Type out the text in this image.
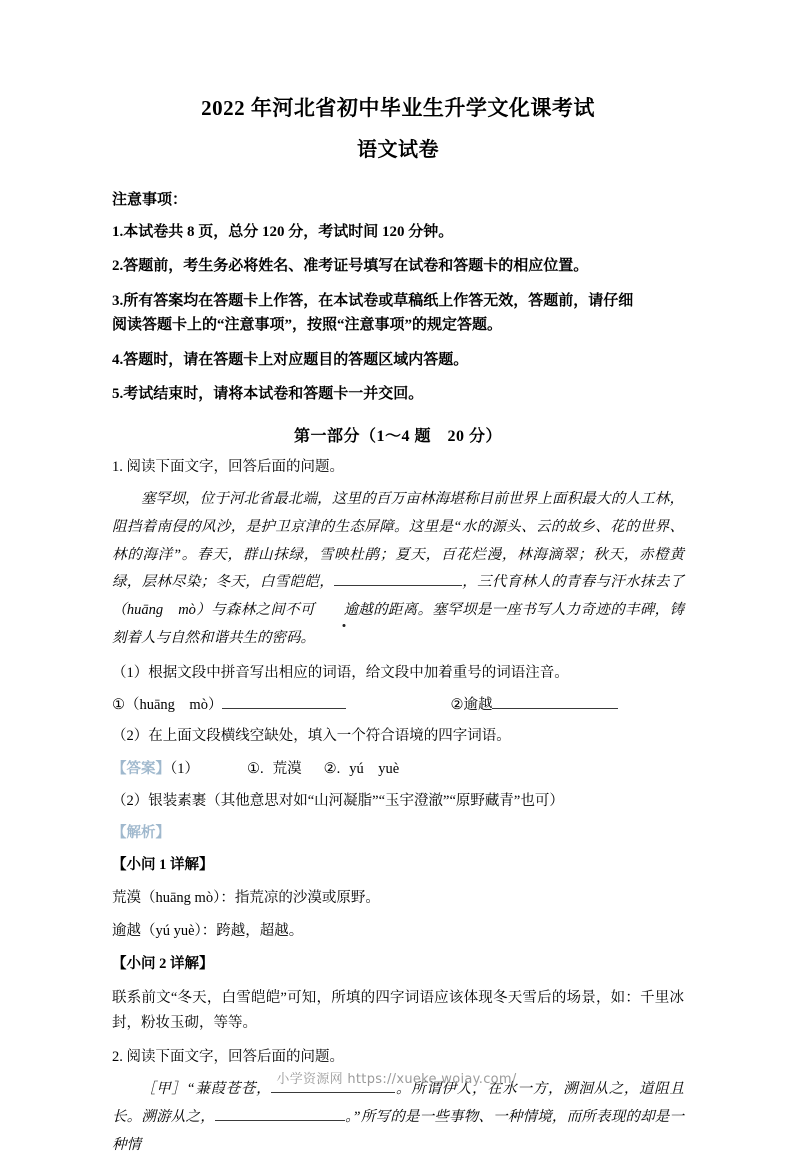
2022 年河北省初中毕业生升学文化课考试
语文试卷
注意事项：
1.本试卷共 8 页，总分 120 分，考试时间 120 分钟。
2.答题前，考生务必将姓名、准考证号填写在试卷和答题卡的相应位置。
3.所有答案均在答题卡上作答，在本试卷或草稿纸上作答无效，答题前，请仔细
阅读答题卡上的“注意事项”，按照“注意事项”的规定答题。
4.答题时，请在答题卡上对应题目的答题区域内答题。
5.考试结束时，请将本试卷和答题卡一并交回。
第一部分（1～4 题　20 分）
1. 阅读下面文字，回答后面的问题。
塞罕坝，位于河北省最北端，这里的百万亩林海堪称目前世界上面积最大的人工林，阻挡着南侵的风沙，是护卫京津的生态屏障。这里是“水的源头、云的故乡、花的世界、林的海洋”。春天，群山抹绿，雪映杜鹃；夏天，百花烂漫，林海滴翠；秋天，赤橙黄绿，层林尽染；冬天，白雪皑皑，	，三代育林人的青春与汗水抹去了（huāng　mò）与森林之间不可 逾越的距离。塞罕坝是一座书写人力奇迹的丰碑，铸刻着人与自然和谐共生的密码。
（1）根据文段中拼音写出相应的词语，给文段中加着重号的词语注音。
①（huāng　mò）	②逾越
（2）在上面文段横线空缺处，填入一个符合语境的四字词语。
【答案】（1）	①. 荒漠 ②. yú　yuè
（2）银装素裹（其他意思对如“山河凝脂”“玉宇澄澈”“原野藏青”也可）
【解析】
【小问 1 详解】
荒漠（huāng mò）：指荒凉的沙漠或原野。
逾越（yú yuè）：跨越，超越。
【小问 2 详解】
联系前文“冬天，白雪皑皑”可知，所填的四字词语应该体现冬天雪后的场景，如：千里冰封，粉妆玉砌，等等。
2. 阅读下面文字，回答后面的问题。
［甲］“蒹葭苍苍，	。所谓伊人，在水一方，溯洄从之，道阻且长。溯游从之，	。”所写的是一些事物、一种情境，而所表现的却是一种情
小学资源网 https://xueke.woiay.com/
